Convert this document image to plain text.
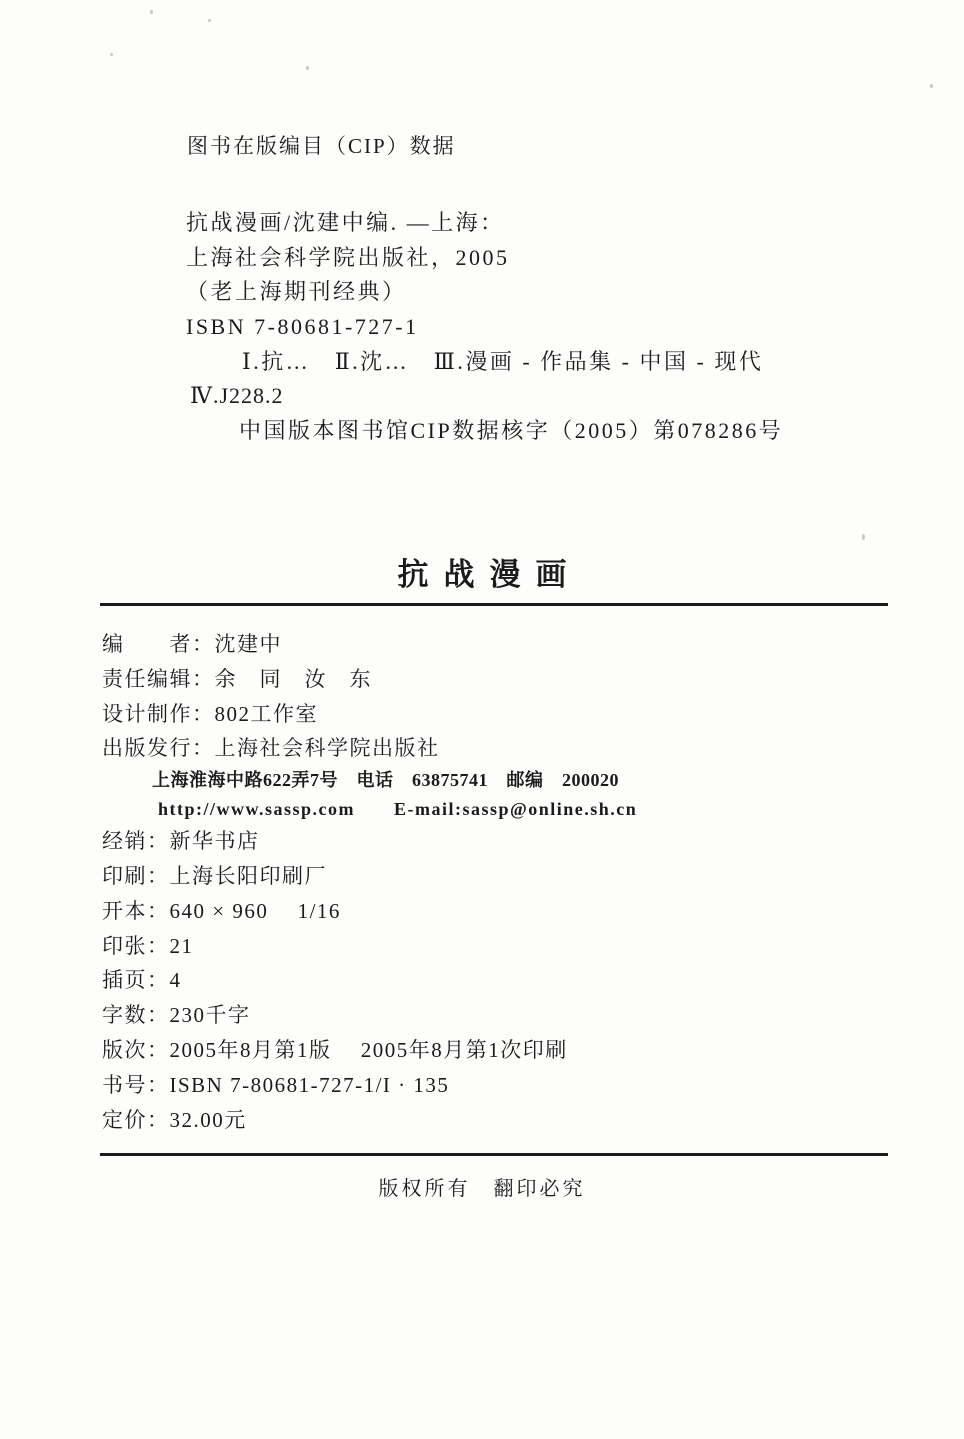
图书在版编目（CIP）数据
抗战漫画/沈建中编. —上海：
上海社会科学院出版社，2005
（老上海期刊经典）
ISBN 7-80681-727-1
Ⅰ.抗…　Ⅱ.沈…　Ⅲ.漫画 - 作品集 - 中国 - 现代
Ⅳ.J228.2
中国版本图书馆CIP数据核字（2005）第078286号
抗战漫画
编　　者：沈建中
责任编辑：余　同　汝　东
设计制作：802工作室
出版发行：上海社会科学院出版社
上海淮海中路622弄7号　电话　63875741　邮编　200020
http://www.sassp.com　　E-mail:sassp@online.sh.cn
经销：新华书店
印刷：上海长阳印刷厂
开本：640 × 960　 1/16
印张：21
插页：4
字数：230千字
版次：2005年8月第1版　 2005年8月第1次印刷
书号：ISBN 7-80681-727-1/I · 135
定价：32.00元
版权所有　翻印必究
